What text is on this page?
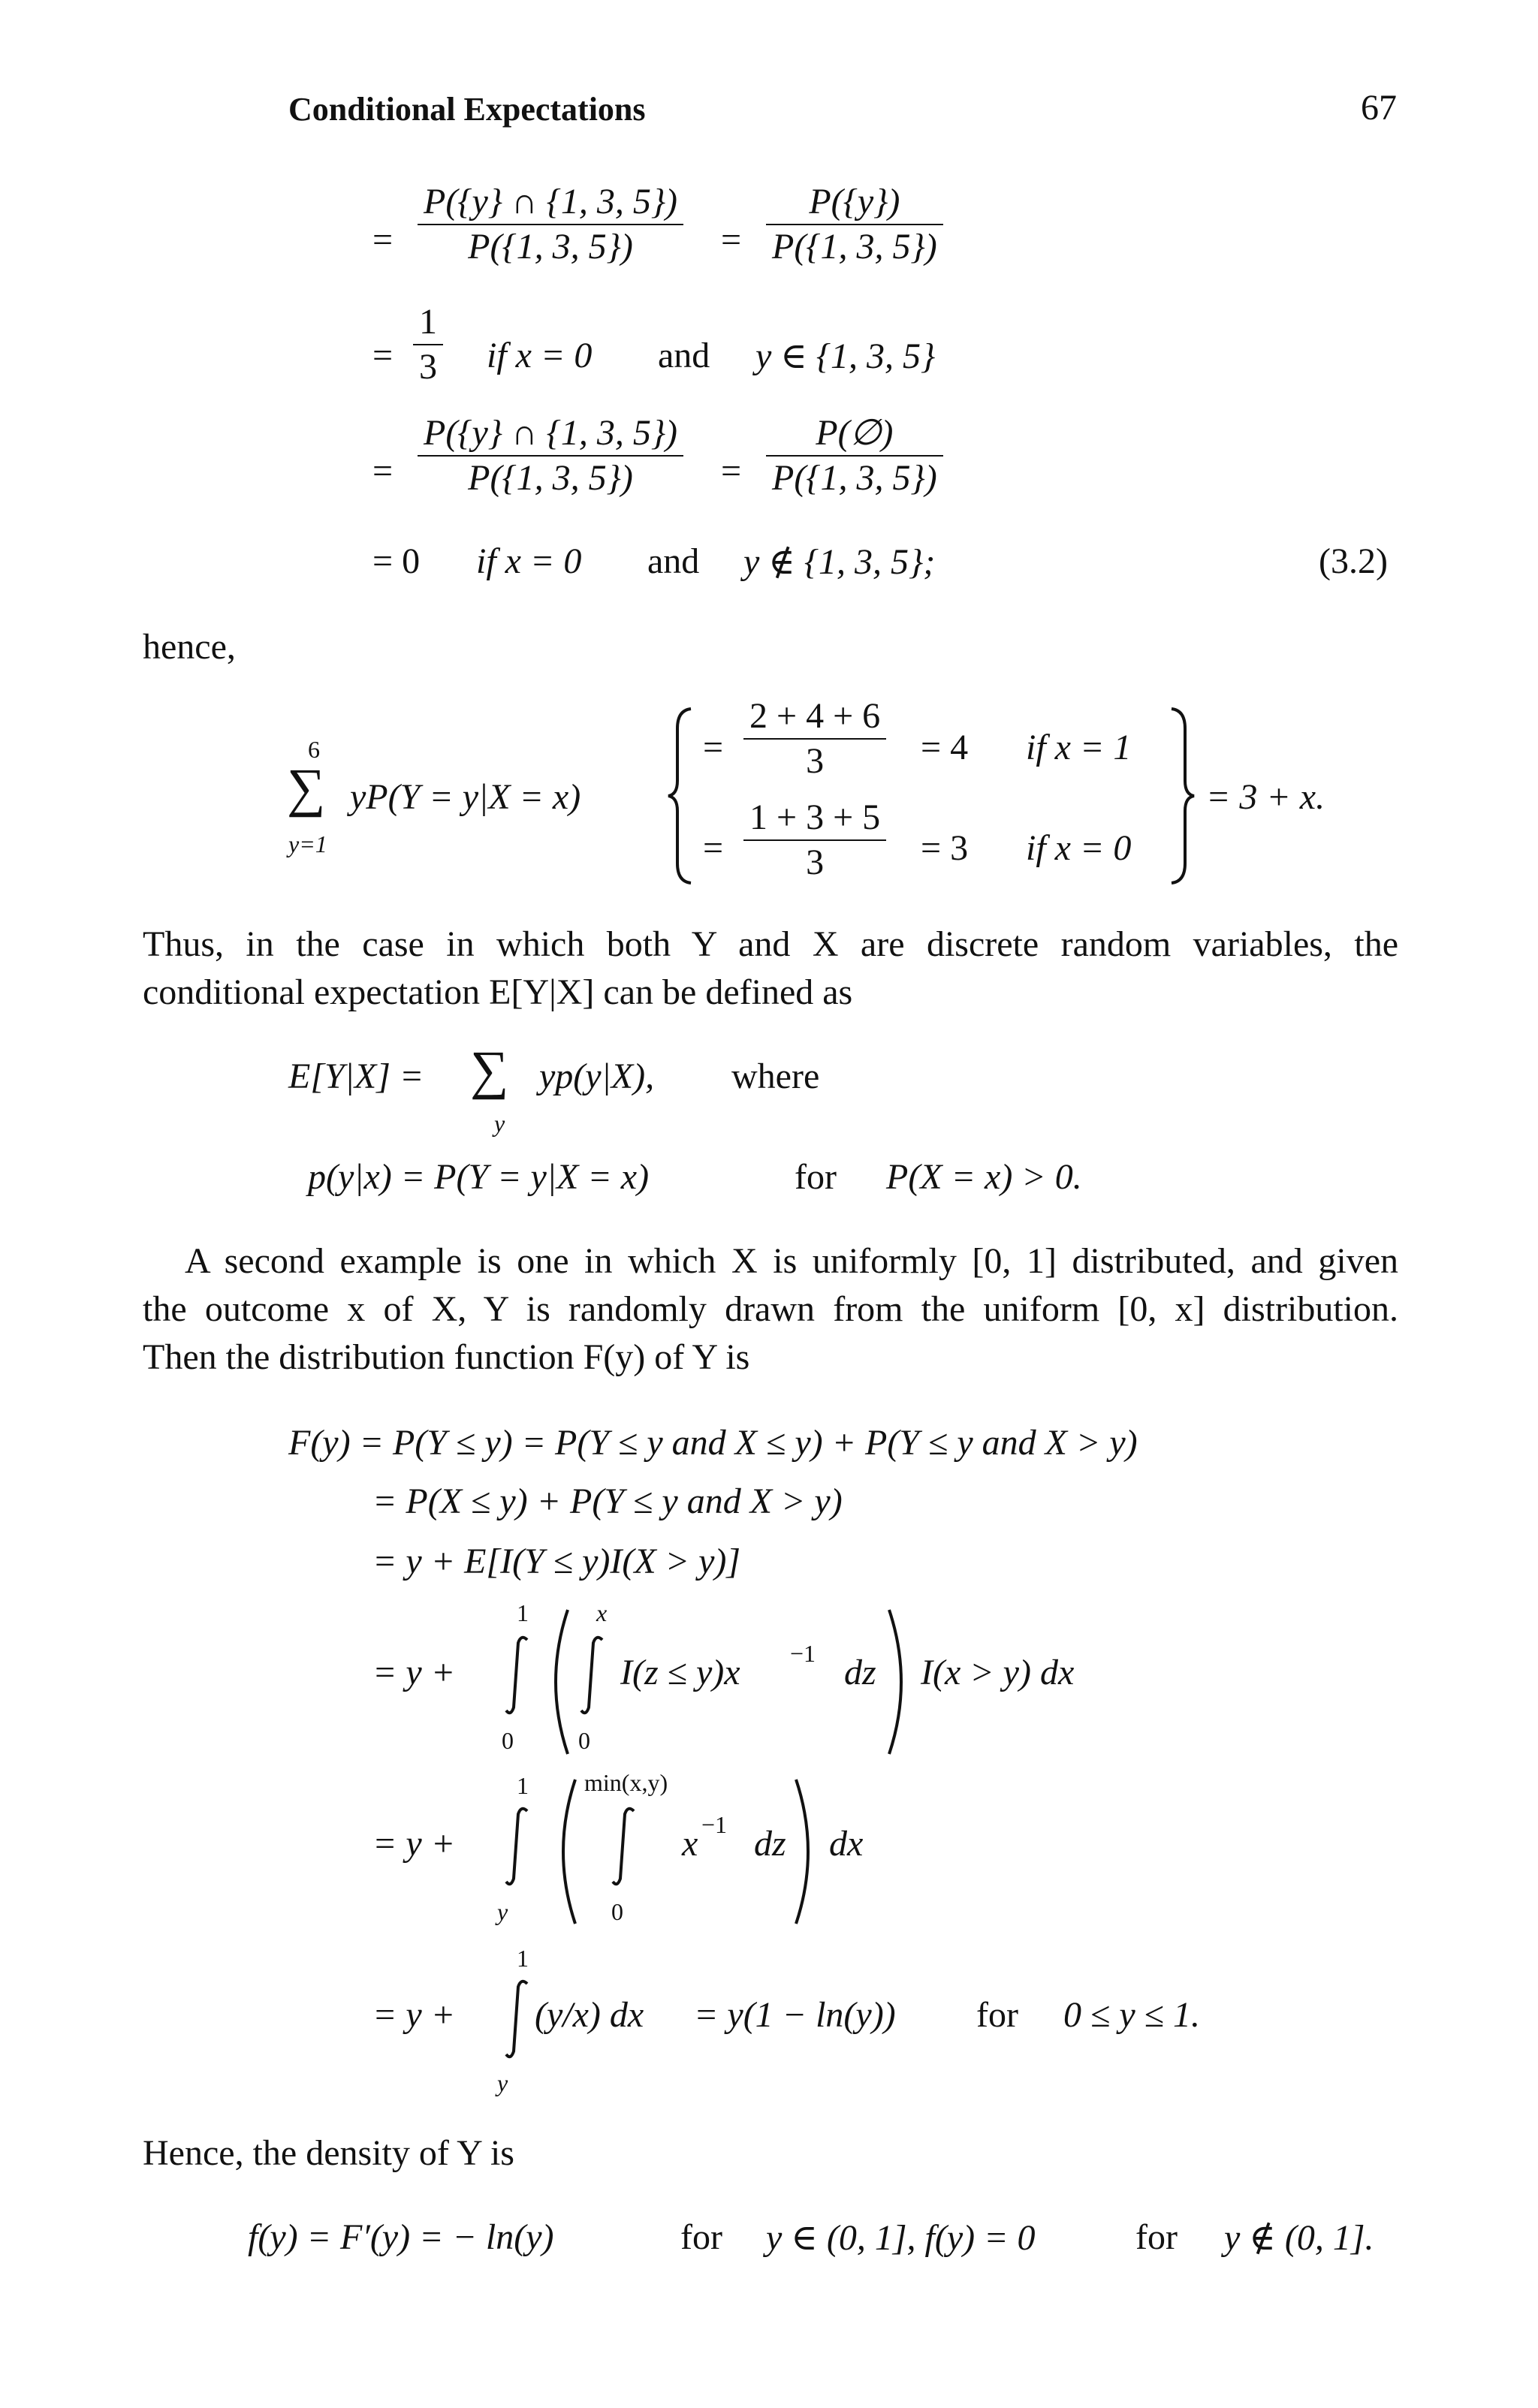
Conditional Expectations	67
=
P({y} ∩ {1, 3, 5})
P({1, 3, 5}) =
P({y})
P({1, 3, 5})
=
1
3 if x = 0 and y ∈ {1, 3, 5}
=
P({y} ∩ {1, 3, 5})
P({1, 3, 5}) =
P(∅)
P({1, 3, 5})
= 0 if x = 0 and y ∉ {1, 3, 5};	(3.2)
hence,
6
∑
y=1
yP(Y = y|X = x)
=
2 + 4 + 6
3	= 4 if x = 1
=
1 + 3 + 5
3	= 3 if x = 0
= 3 + x.
Thus, in the case in which both Y and X are discrete random variables, the
conditional expectation E[Y|X] can be defined as
E[Y|X] = ∑
y
yp(y|X), where
p(y|x) = P(Y = y|X = x)	for P(X = x) > 0.
A second example is one in which X is uniformly [0, 1] distributed, and given
the outcome x of X, Y is randomly drawn from the uniform [0, x] distribution.
Then the distribution function F(y) of Y is
F(y) = P(Y ≤ y) = P(Y ≤ y and X ≤ y) + P(Y ≤ y and X > y)
= P(X ≤ y) + P(Y ≤ y and X > y)
= y + E[I(Y ≤ y)I(X > y)]
= y +
1
0
x
0
I(z ≤ y)x −1 dz I(x > y) dx
= y +
1
y
min(x,y)
0
x −1 dz dx
= y +
1
y
(y/x) dx = y(1 − ln(y)) for 0 ≤ y ≤ 1.
Hence, the density of Y is
f(y) = F′(y) = − ln(y)	for y ∈ (0, 1], f(y) = 0	for y ∉ (0, 1].
